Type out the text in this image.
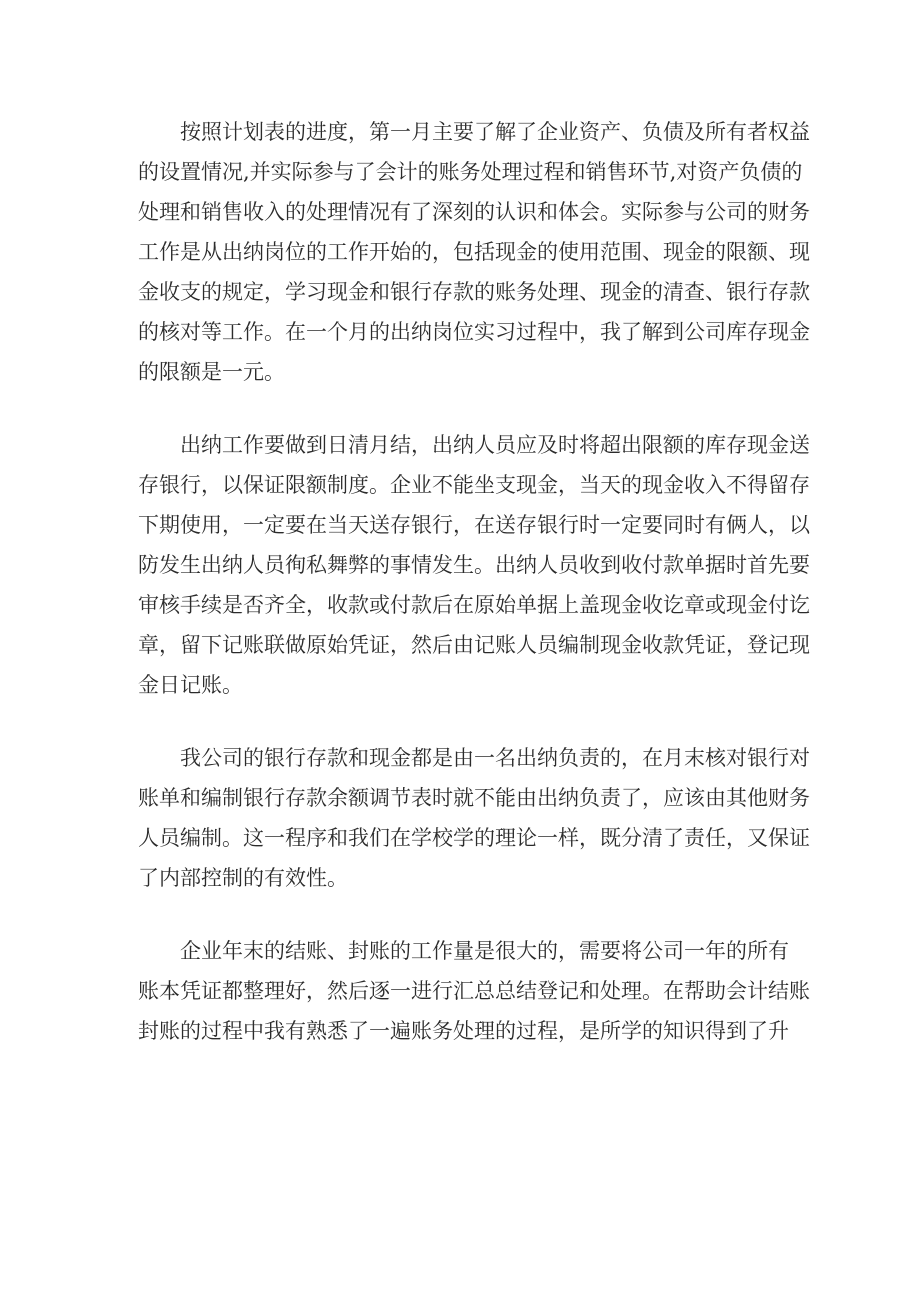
按照计划表的进度，第一月主要了解了企业资产、负债及所有者权益
的设置情况,并实际参与了会计的账务处理过程和销售环节,对资产负债的
处理和销售收入的处理情况有了深刻的认识和体会。实际参与公司的财务
工作是从出纳岗位的工作开始的，包括现金的使用范围、现金的限额、现
金收支的规定，学习现金和银行存款的账务处理、现金的清查、银行存款
的核对等工作。在一个月的出纳岗位实习过程中，我了解到公司库存现金
的限额是一元。
出纳工作要做到日清月结，出纳人员应及时将超出限额的库存现金送
存银行，以保证限额制度。企业不能坐支现金，当天的现金收入不得留存
下期使用，一定要在当天送存银行，在送存银行时一定要同时有俩人，以
防发生出纳人员徇私舞弊的事情发生。出纳人员收到收付款单据时首先要
审核手续是否齐全，收款或付款后在原始单据上盖现金收讫章或现金付讫
章，留下记账联做原始凭证，然后由记账人员编制现金收款凭证，登记现
金日记账。
我公司的银行存款和现金都是由一名出纳负责的，在月末核对银行对
账单和编制银行存款余额调节表时就不能由出纳负责了，应该由其他财务
人员编制。这一程序和我们在学校学的理论一样，既分清了责任，又保证
了内部控制的有效性。
企业年末的结账、封账的工作量是很大的，需要将公司一年的所有
账本凭证都整理好，然后逐一进行汇总总结登记和处理。在帮助会计结账
封账的过程中我有熟悉了一遍账务处理的过程，是所学的知识得到了升
